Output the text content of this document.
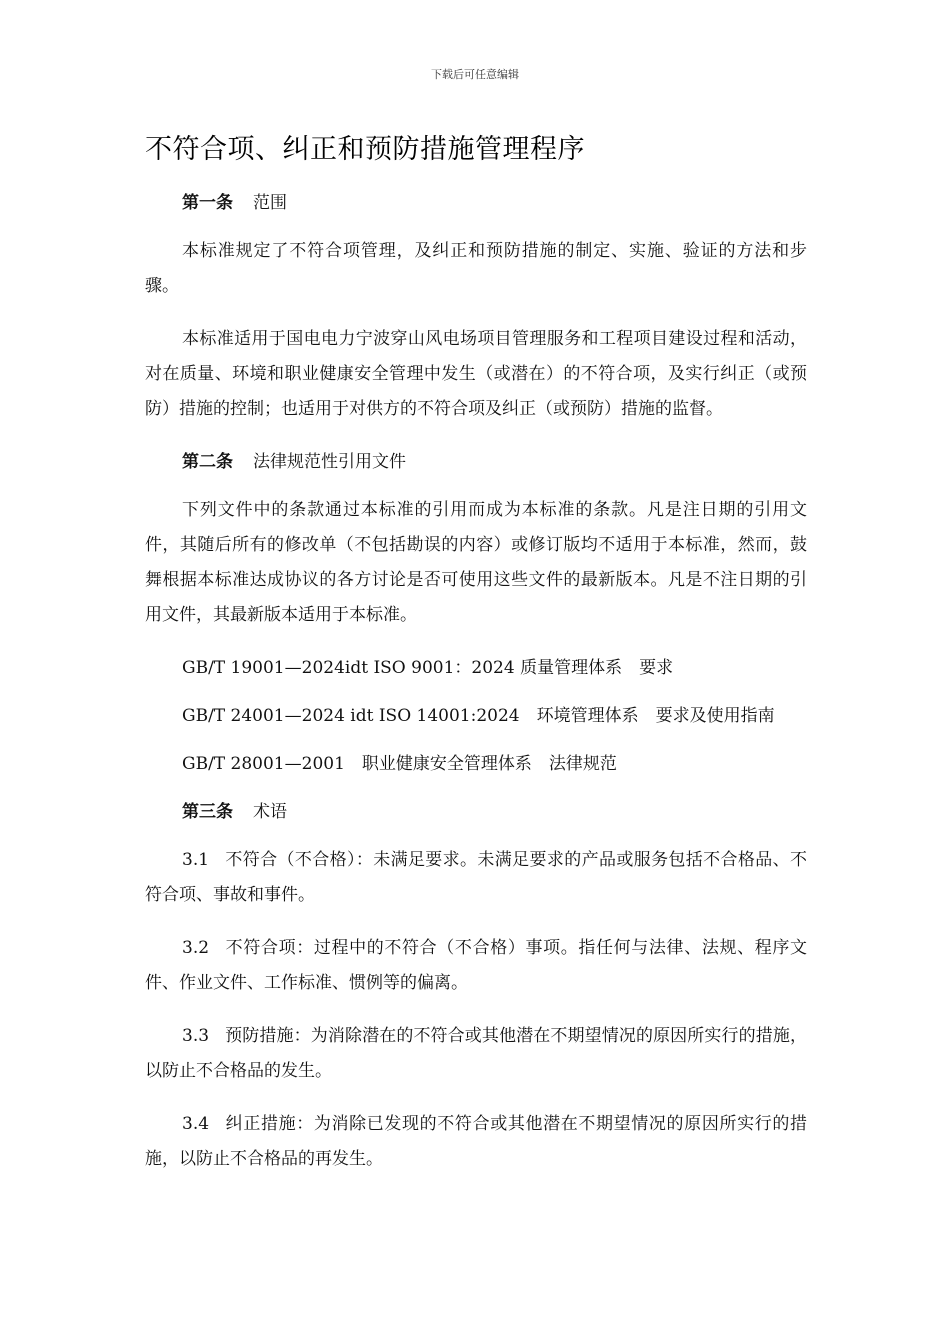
下载后可任意编辑
不符合项、纠正和预防措施管理程序

第一条 范围

本标准规定了不符合项管理，及纠正和预防措施的制定、实施、验证的方法和步骤。

本标准适用于国电电力宁波穿山风电场项目管理服务和工程项目建设过程和活动，对在质量、环境和职业健康安全管理中发生（或潜在）的不符合项，及实行纠正（或预防）措施的控制；也适用于对供方的不符合项及纠正（或预防）措施的监督。

第二条 法律规范性引用文件

下列文件中的条款通过本标准的引用而成为本标准的条款。凡是注日期的引用文件，其随后所有的修改单（不包括勘误的内容）或修订版均不适用于本标准，然而，鼓舞根据本标准达成协议的各方讨论是否可使用这些文件的最新版本。凡是不注日期的引用文件，其最新版本适用于本标准。

GB/T 19001—2024idt ISO 9001：2024 质量管理体系　要求

GB/T 24001—2024 idt ISO 14001:2024　环境管理体系　要求及使用指南

GB/T 28001—2001　职业健康安全管理体系　法律规范

第三条 术语

3.1 不符合（不合格）：未满足要求。未满足要求的产品或服务包括不合格品、不符合项、事故和事件。

3.2 不符合项：过程中的不符合（不合格）事项。指任何与法律、法规、程序文件、作业文件、工作标准、惯例等的偏离。

3.3 预防措施：为消除潜在的不符合或其他潜在不期望情况的原因所实行的措施，以防止不合格品的发生。

3.4 纠正措施：为消除已发现的不符合或其他潜在不期望情况的原因所实行的措施，以防止不合格品的再发生。
